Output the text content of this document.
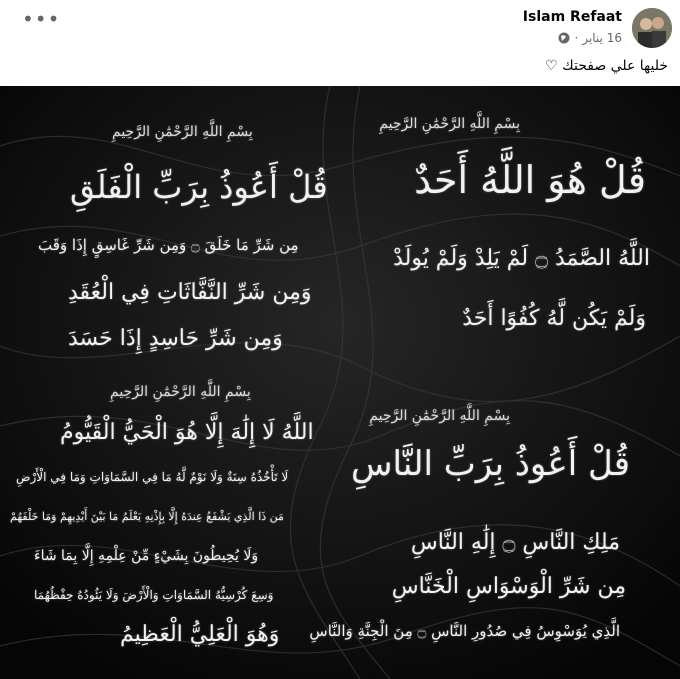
Islam Refaat
16 يناير
·
•••
خليها علي صفحتك ♡
بِسْمِ اللَّهِ الرَّحْمَٰنِ الرَّحِيمِ
قُلْ هُوَ اللَّهُ أَحَدٌ
اللَّهُ الصَّمَدُ ۝ لَمْ يَلِدْ وَلَمْ يُولَدْ
وَلَمْ يَكُن لَّهُ كُفُوًا أَحَدٌ
بِسْمِ اللَّهِ الرَّحْمَٰنِ الرَّحِيمِ
قُلْ أَعُوذُ بِرَبِّ الْفَلَقِ
مِن شَرِّ مَا خَلَقَ ۝ وَمِن شَرِّ غَاسِقٍ إِذَا وَقَبَ
وَمِن شَرِّ النَّفَّاثَاتِ فِي الْعُقَدِ
وَمِن شَرِّ حَاسِدٍ إِذَا حَسَدَ
بِسْمِ اللَّهِ الرَّحْمَٰنِ الرَّحِيمِ
قُلْ أَعُوذُ بِرَبِّ النَّاسِ
مَلِكِ النَّاسِ ۝ إِلَٰهِ النَّاسِ
مِن شَرِّ الْوَسْوَاسِ الْخَنَّاسِ
الَّذِي يُوَسْوِسُ فِي صُدُورِ النَّاسِ ۝ مِنَ الْجِنَّةِ وَالنَّاسِ
بِسْمِ اللَّهِ الرَّحْمَٰنِ الرَّحِيمِ
اللَّهُ لَا إِلَٰهَ إِلَّا هُوَ الْحَيُّ الْقَيُّومُ
لَا تَأْخُذُهُ سِنَةٌ وَلَا نَوْمٌ لَّهُ مَا فِي السَّمَاوَاتِ وَمَا فِي الْأَرْضِ
مَن ذَا الَّذِي يَشْفَعُ عِندَهُ إِلَّا بِإِذْنِهِ يَعْلَمُ مَا بَيْنَ أَيْدِيهِمْ وَمَا خَلْفَهُمْ
وَلَا يُحِيطُونَ بِشَيْءٍ مِّنْ عِلْمِهِ إِلَّا بِمَا شَاءَ
وَسِعَ كُرْسِيُّهُ السَّمَاوَاتِ وَالْأَرْضَ وَلَا يَئُودُهُ حِفْظُهُمَا
وَهُوَ الْعَلِيُّ الْعَظِيمُ
